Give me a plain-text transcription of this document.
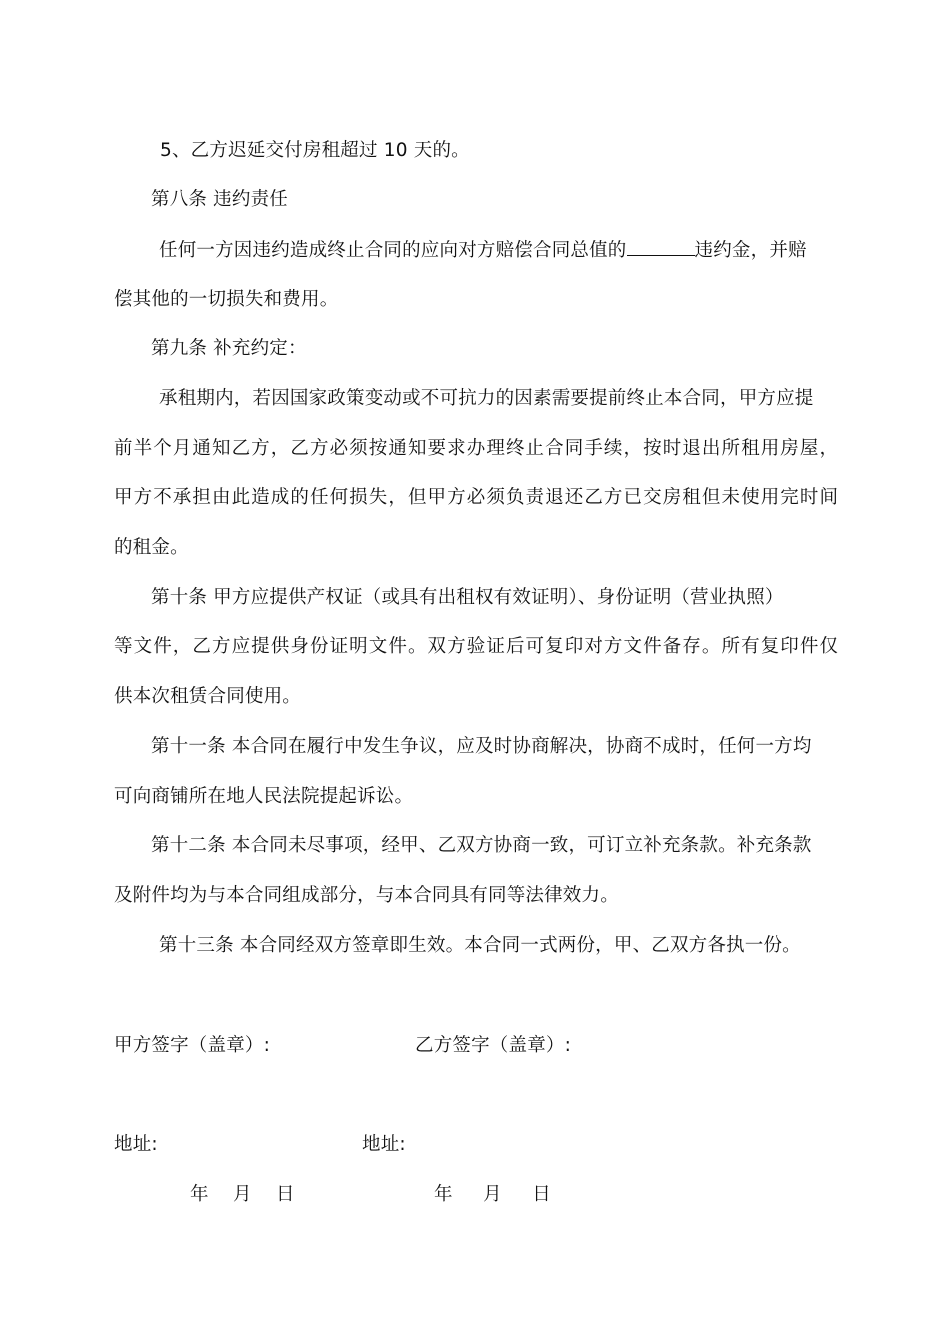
5、乙方迟延交付房租超过 10 天的。
第八条 违约责任
任何一方因违约造成终止合同的应向对方赔偿合同总值的	违约金，并赔
偿其他的一切损失和费用。
第九条 补充约定：
承租期内，若因国家政策变动或不可抗力的因素需要提前终止本合同，甲方应提
前半个月通知乙方，乙方必须按通知要求办理终止合同手续，按时退出所租用房屋，
甲方不承担由此造成的任何损失，但甲方必须负责退还乙方已交房租但未使用完时间
的租金。
第十条 甲方应提供产权证（或具有出租权有效证明）、身份证明（营业执照）
等文件，乙方应提供身份证明文件。双方验证后可复印对方文件备存。所有复印件仅
供本次租赁合同使用。
第十一条 本合同在履行中发生争议，应及时协商解决，协商不成时，任何一方均
可向商铺所在地人民法院提起诉讼。
第十二条 本合同未尽事项，经甲、乙双方协商一致，可订立补充条款。补充条款
及附件均为与本合同组成部分，与本合同具有同等法律效力。
第十三条 本合同经双方签章即生效。本合同一式两份，甲、乙双方各执一份。
甲方签字（盖章）:	乙方签字（盖章）:
地址:	地址:
年    月    日	年     月     日
